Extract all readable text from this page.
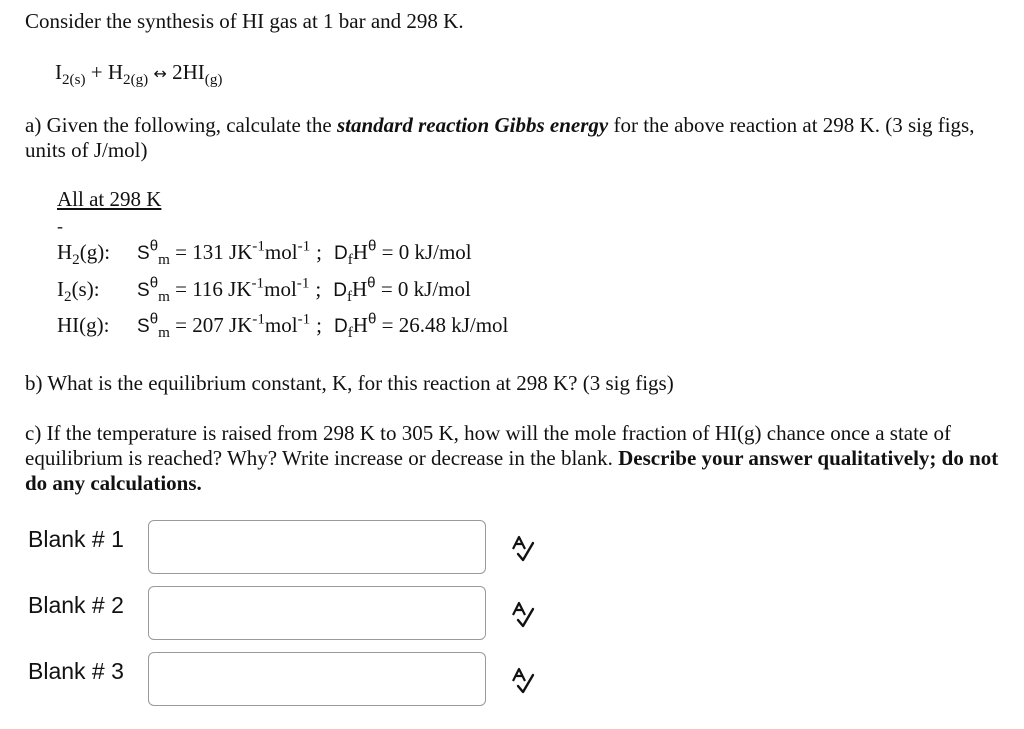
Consider the synthesis of HI gas at 1 bar and 298 K.
$I_{2(s)} + H_{2(g)}$ ↔ $2HI_{(g)}$
a) Given the following, calculate the standard reaction Gibbs energy for the above reaction at 298 K. (3 sig figs, units of J/mol)
All at 298 K
-
$H_2(g)$: $S^\theta_m = 131$ $JK^{-1}mol^{-1}$ ; $D_fH^\theta = 0$ kJ/mol
$I_2(s)$: $S^\theta_m = 116$ $JK^{-1}mol^{-1}$ ; $D_fH^\theta = 0$ kJ/mol
HI(g): $S^\theta_m = 207$ $JK^{-1}mol^{-1}$ ; $D_fH^\theta = 26.48$ kJ/mol
b) What is the equilibrium constant, K, for this reaction at 298 K? (3 sig figs)
c) If the temperature is raised from 298 K to 305 K, how will the mole fraction of HI(g) chance once a state of equilibrium is reached? Why? Write increase or decrease in the blank. Describe your answer qualitatively; do not do any calculations.
Blank # 1
Blank # 2
Blank # 3
